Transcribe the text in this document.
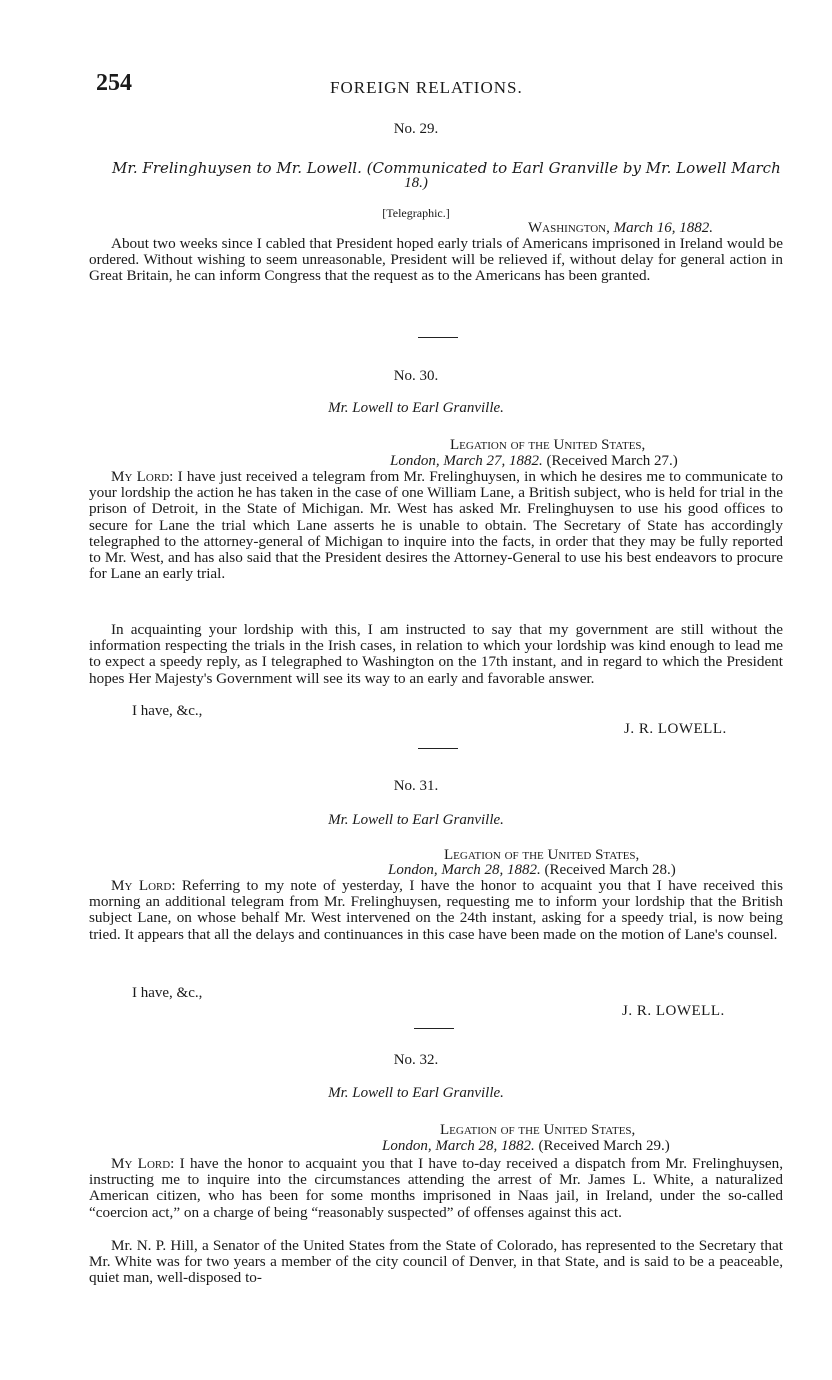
254	FOREIGN RELATIONS.
No. 29.
Mr. Frelinghuysen to Mr. Lowell. (Communicated to Earl Granville by Mr. Lowell March
18.)
[Telegraphic.]
Washington, March 16, 1882.
About two weeks since I cabled that President hoped early trials of Americans imprisoned in Ireland would be ordered. Without wishing to seem unreasonable, President will be relieved if, without delay for general action in Great Britain, he can inform Congress that the request as to the Americans has been granted.
No. 30.
Mr. Lowell to Earl Granville.
Legation of the United States,
London, March 27, 1882. (Received March 27.)
My Lord: I have just received a telegram from Mr. Frelinghuysen, in which he desires me to communicate to your lordship the action he has taken in the case of one William Lane, a British subject, who is held for trial in the prison of Detroit, in the State of Michigan. Mr. West has asked Mr. Frelinghuysen to use his good offices to secure for Lane the trial which Lane asserts he is unable to obtain. The Secretary of State has accordingly telegraphed to the attorney-general of Michigan to inquire into the facts, in order that they may be fully reported to Mr. West, and has also said that the President desires the Attorney-General to use his best endeavors to procure for Lane an early trial.
In acquainting your lordship with this, I am instructed to say that my government are still without the information respecting the trials in the Irish cases, in relation to which your lordship was kind enough to lead me to expect a speedy reply, as I telegraphed to Washington on the 17th instant, and in regard to which the President hopes Her Majesty's Government will see its way to an early and favorable answer.
I have, &c.,
J. R. LOWELL.
No. 31.
Mr. Lowell to Earl Granville.
Legation of the United States,
London, March 28, 1882. (Received March 28.)
My Lord: Referring to my note of yesterday, I have the honor to acquaint you that I have received this morning an additional telegram from Mr. Frelinghuysen, requesting me to inform your lordship that the British subject Lane, on whose behalf Mr. West intervened on the 24th instant, asking for a speedy trial, is now being tried. It appears that all the delays and continuances in this case have been made on the motion of Lane's counsel.
I have, &c.,
J. R. LOWELL.
No. 32.
Mr. Lowell to Earl Granville.
Legation of the United States,
London, March 28, 1882. (Received March 29.)
My Lord: I have the honor to acquaint you that I have to-day received a dispatch from Mr. Frelinghuysen, instructing me to inquire into the circumstances attending the arrest of Mr. James L. White, a naturalized American citizen, who has been for some months imprisoned in Naas jail, in Ireland, under the so-called “coercion act,” on a charge of being “reasonably suspected” of offenses against this act.
Mr. N. P. Hill, a Senator of the United States from the State of Colorado, has represented to the Secretary that Mr. White was for two years a member of the city council of Denver, in that State, and is said to be a peaceable, quiet man, well-disposed to-
